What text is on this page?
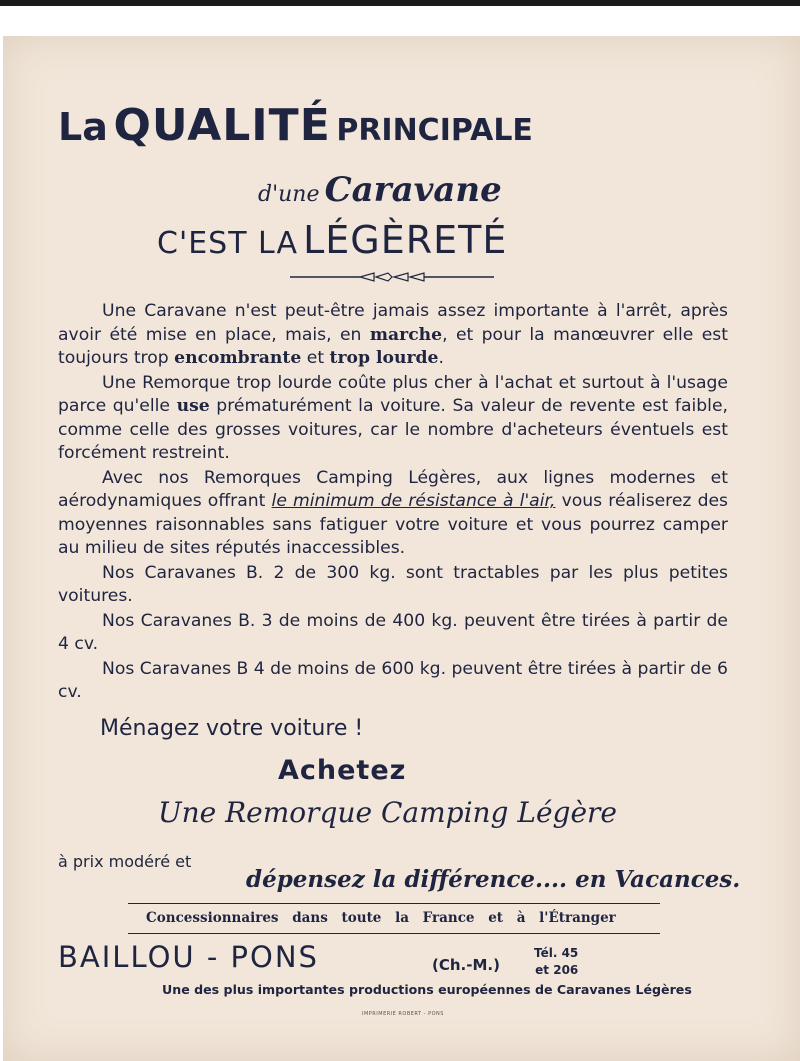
La QUALITÉ PRINCIPALE
d'une Caravane
C'EST LA LÉGÈRETÉ

Une Caravane n'est peut-être jamais assez importante à l'arrêt, après avoir été mise en place, mais, en marche, et pour la manœuvrer elle est toujours trop encombrante et trop lourde.

Une Remorque trop lourde coûte plus cher à l'achat et surtout à l'usage parce qu'elle use prématurément la voiture. Sa valeur de revente est faible, comme celle des grosses voitures, car le nombre d'acheteurs éventuels est forcément restreint.

Avec nos Remorques Camping Légères, aux lignes modernes et aérodynamiques offrant le minimum de résistance à l'air, vous réaliserez des moyennes raisonnables sans fatiguer votre voiture et vous pourrez camper au milieu de sites réputés inaccessibles.

Nos Caravanes B. 2 de 300 kg. sont tractables par les plus petites voitures.

Nos Caravanes B. 3 de moins de 400 kg. peuvent être tirées à partir de 4 cv.

Nos Caravanes B 4 de moins de 600 kg. peuvent être tirées à partir de 6 cv.

Ménagez votre voiture !
Achetez
Une Remorque Camping Légère
à prix modéré et
dépensez la différence.... en Vacances.
Concessionnaires dans toute la France et à l'Étranger
BAILLOU - PONS	(Ch.-M.)
Tél. 45
et 206
Une des plus importantes productions européennes de Caravanes Légères
IMPRIMERIE ROBERT - PONS
